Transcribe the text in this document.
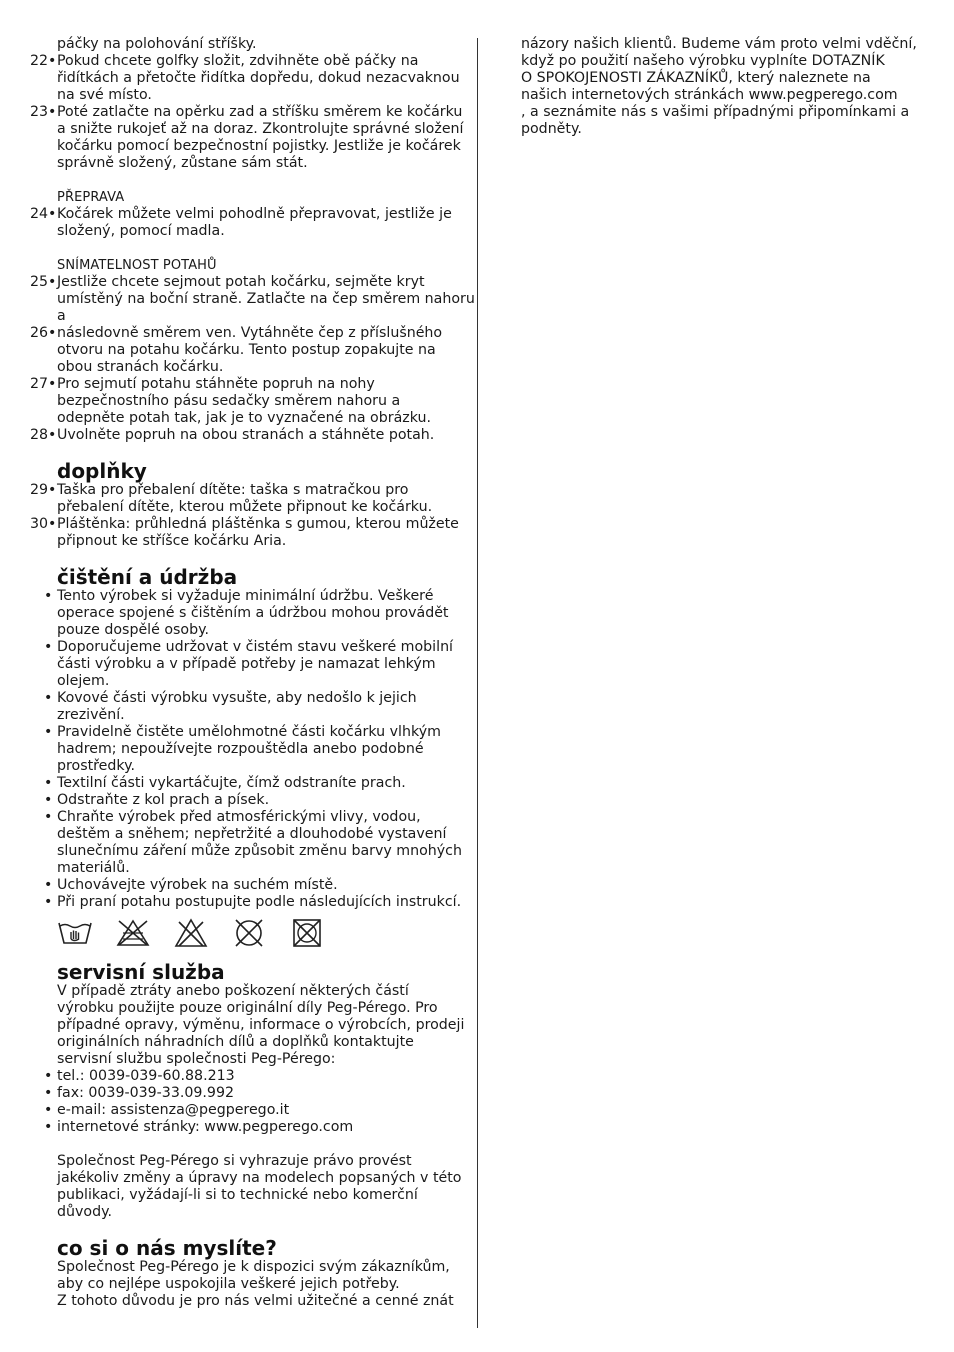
páčky na polohování stříšky.
22• Pokud chcete golfky složit, zdvihněte obě páčky na
řidítkách a přetočte řidítka dopředu, dokud nezacvaknou
na své místo.
23• Poté zatlačte na opěrku zad a stříšku směrem ke kočárku
a snižte rukojeť až na doraz. Zkontrolujte správné složení
kočárku pomocí bezpečnostní pojistky. Jestliže je kočárek
správně složený, zůstane sám stát.
PŘEPRAVA
24• Kočárek můžete velmi pohodlně přepravovat, jestliže je
složený, pomocí madla.
SNÍMATELNOST POTAHŮ
25• Jestliže chcete sejmout potah kočárku, sejměte kryt
umístěný na boční straně. Zatlačte na čep směrem nahoru
a
26• následovně směrem ven. Vytáhněte čep z příslušného
otvoru na potahu kočárku. Tento postup zopakujte na
obou stranách kočárku.
27• Pro sejmutí potahu stáhněte popruh na nohy
bezpečnostního pásu sedačky směrem nahoru a
odepněte potah tak, jak je to vyznačené na obrázku.
28• Uvolněte popruh na obou stranách a stáhněte potah.
doplňky
29• Taška pro přebalení dítěte: taška s matračkou pro
přebalení dítěte, kterou můžete připnout ke kočárku.
30• Pláštěnka: průhledná pláštěnka s gumou, kterou můžete
připnout ke stříšce kočárku Aria.
čištění a údržba
• Tento výrobek si vyžaduje minimální údržbu. Veškeré
operace spojené s čištěním a údržbou mohou provádět
pouze dospělé osoby.
• Doporučujeme udržovat v čistém stavu veškeré mobilní
části výrobku a v případě potřeby je namazat lehkým
olejem.
• Kovové části výrobku vysušte, aby nedošlo k jejich
zrezivění.
• Pravidelně čistěte umělohmotné části kočárku vlhkým
hadrem; nepoužívejte rozpouštědla anebo podobné
prostředky.
• Textilní části vykartáčujte, čímž odstraníte prach.
• Odstraňte z kol prach a písek.
• Chraňte výrobek před atmosférickými vlivy, vodou,
deštěm a sněhem; nepřetržité a dlouhodobé vystavení
slunečnímu záření může způsobit změnu barvy mnohých
materiálů.
• Uchovávejte výrobek na suchém místě.
• Při praní potahu postupujte podle následujících instrukcí.
servisní služba
V případě ztráty anebo poškození některých částí
výrobku použijte pouze originální díly Peg-Pérego. Pro
případné opravy, výměnu, informace o výrobcích, prodeji
originálních náhradních dílů a doplňků kontaktujte
servisní službu společnosti Peg-Pérego:
• tel.: 0039-039-60.88.213
• fax: 0039-039-33.09.992
• e-mail: assistenza@pegperego.it
• internetové stránky: www.pegperego.com
Společnost Peg-Pérego si vyhrazuje právo provést
jakékoliv změny a úpravy na modelech popsaných v této
publikaci, vyžádají-li si to technické nebo komerční
důvody.
co si o nás myslíte?
Společnost Peg-Pérego je k dispozici svým zákazníkům,
aby co nejlépe uspokojila veškeré jejich potřeby.
Z tohoto důvodu je pro nás velmi užitečné a cenné znát
názory našich klientů. Budeme vám proto velmi vděční,
když po použití našeho výrobku vyplníte DOTAZNÍK
O SPOKOJENOSTI ZÁKAZNÍKŮ, který naleznete na
našich internetových stránkách www.pegperego.com
, a seznámite nás s vašimi případnými připomínkami a
podněty.
